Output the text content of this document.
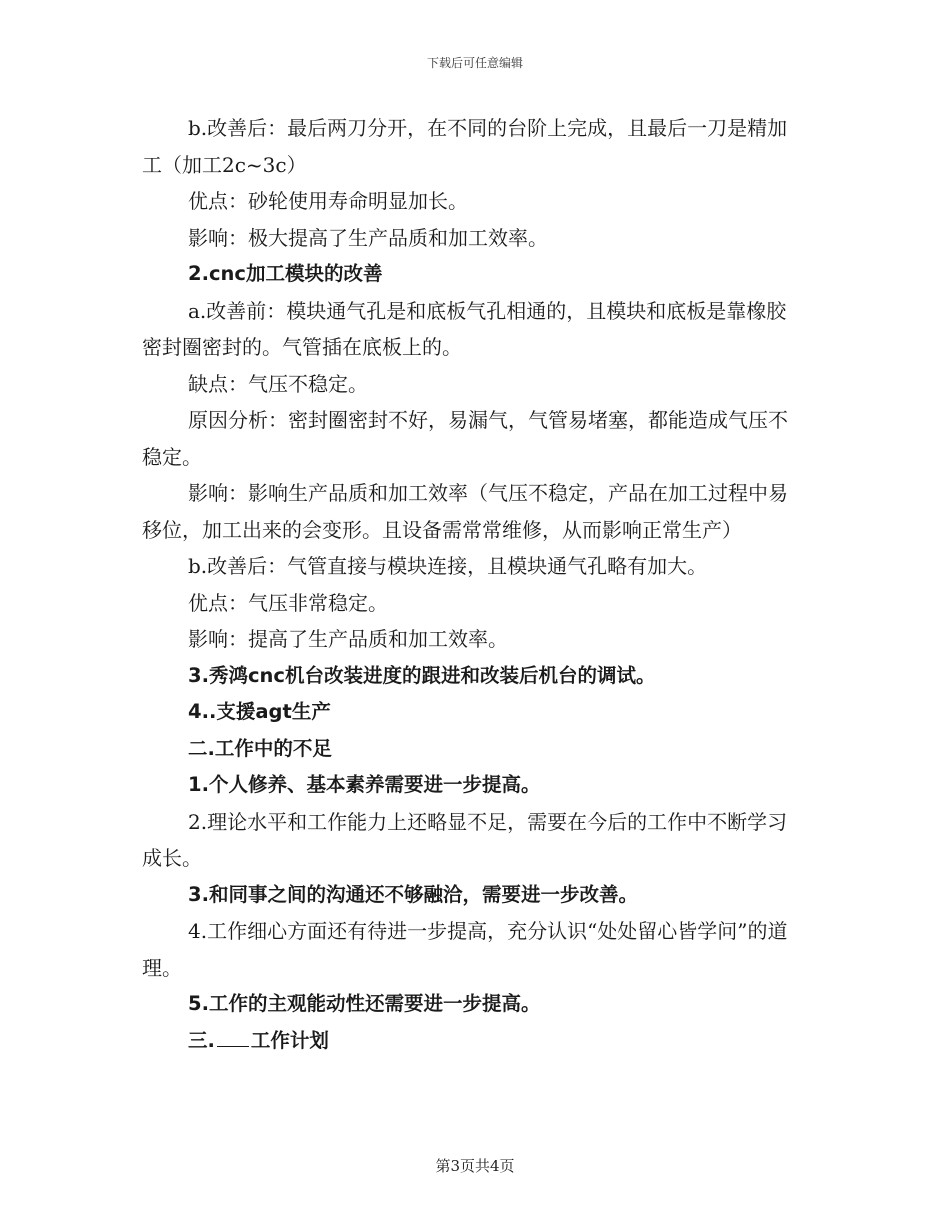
下载后可任意编辑

b.改善后：最后两刀分开，在不同的台阶上完成，且最后一刀是精加工（加工2c~3c）

优点：砂轮使用寿命明显加长。

影响：极大提高了生产品质和加工效率。

2.cnc加工模块的改善

a.改善前：模块通气孔是和底板气孔相通的，且模块和底板是靠橡胶密封圈密封的。气管插在底板上的。

缺点：气压不稳定。

原因分析：密封圈密封不好，易漏气，气管易堵塞，都能造成气压不稳定。

影响：影响生产品质和加工效率（气压不稳定，产品在加工过程中易移位，加工出来的会变形。且设备需常常维修，从而影响正常生产）

b.改善后：气管直接与模块连接，且模块通气孔略有加大。

优点：气压非常稳定。

影响：提高了生产品质和加工效率。

3.秀鸿cnc机台改装进度的跟进和改装后机台的调试。

4..支援agt生产

二.工作中的不足

1.个人修养、基本素养需要进一步提高。

2.理论水平和工作能力上还略显不足，需要在今后的工作中不断学习成长。

3.和同事之间的沟通还不够融洽，需要进一步改善。

4.工作细心方面还有待进一步提高，充分认识“处处留心皆学问”的道理。

5.工作的主观能动性还需要进一步提高。

三. 工作计划

第3页共4页
